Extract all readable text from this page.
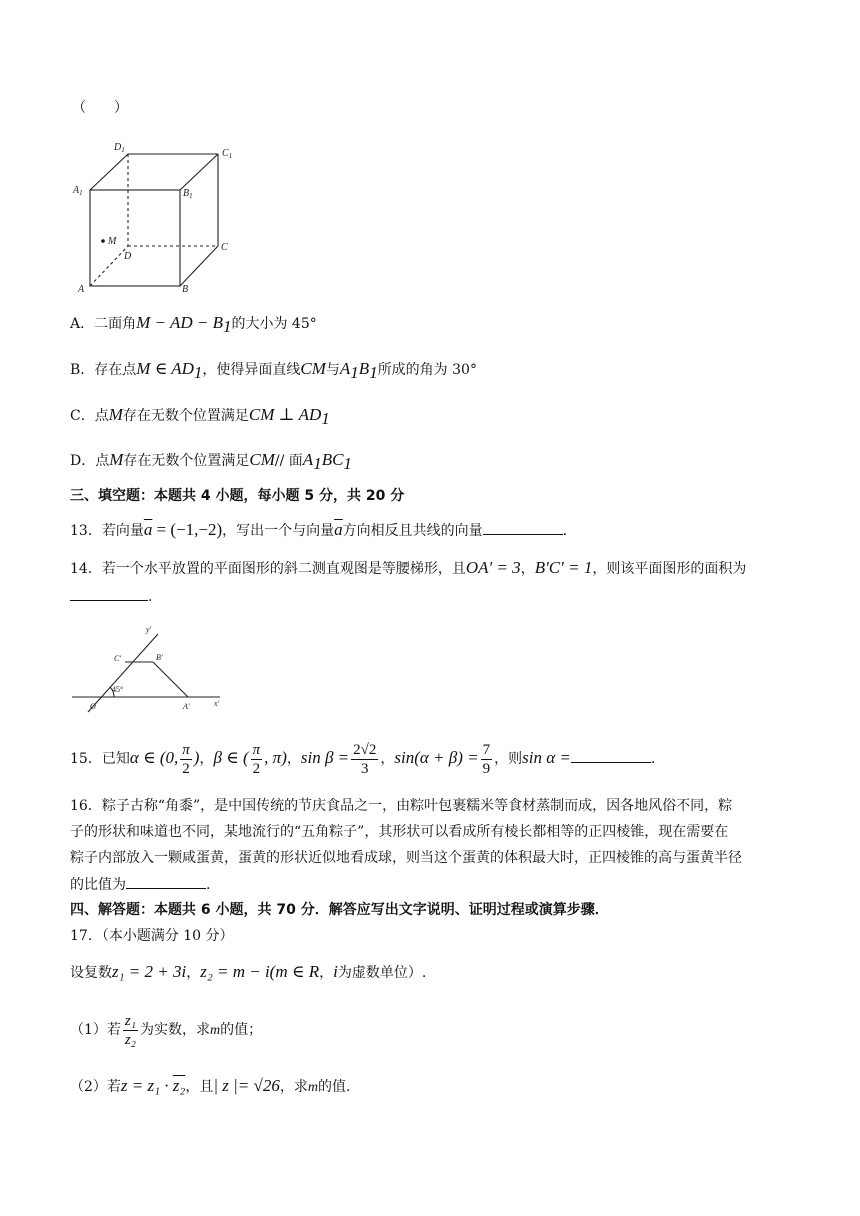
（　　）
$D_1$	$C_1$
$A_1$	$B_1$
M
D
C
A	B
A．二面角M − AD − $B_1$的大小为 45°
B．存在点M ∈ $AD_1$，使得异面直线CM与$A_1B_1$所成的角为 30°
C．点M存在无数个位置满足CM ⊥ $AD_1$
D．点M存在无数个位置满足CM// 面$A_1BC_1$
三、填空题：本题共 4 小题，每小题 5 分，共 20 分
13．若向量$\overline{a} = (-1,-2)$，写出一个与向量$\overline{a}$方向相反且共线的向量	.
14．若一个水平放置的平面图形的斜二测直观图是等腰梯形，且OA′ = 3，B′C′ = 1，则该平面图形的面积为
.
y′
C′	B′
45°
O	A′	x′
15．已知α ∈ (0, $\frac{\pi}{2}$ )，β ∈ ( $\frac{\pi}{2}$ , π)，$\sin \beta = \frac{2√2}{3}$ ，$\sin(\alpha + \beta) = \frac{7}{9}$ ，则sin α =	.
16．粽子古称“角黍”，是中国传统的节庆食品之一，由粽叶包裹糯米等食材蒸制而成，因各地风俗不同，粽
子的形状和味道也不同，某地流行的“五角粽子”，其形状可以看成所有棱长都相等的正四棱锥，现在需要在
粽子内部放入一颗咸蛋黄，蛋黄的形状近似地看成球，则当这个蛋黄的体积最大时，正四棱锥的高与蛋黄半径
的比值为	.
四、解答题：本题共 6 小题，共 70 分．解答应写出文字说明、证明过程或演算步骤．
17．（本小题满分 10 分）
设复数z₁ = 2 + 3i，z₂ = m − i(m ∈ R，i为虚数单位）.
（1）若 $\frac{\text{z₁}}{\text{z₂}}$ 为实数，求m的值；
（2）若z = z₁ · z₂，且| z |= √26，求m的值.
